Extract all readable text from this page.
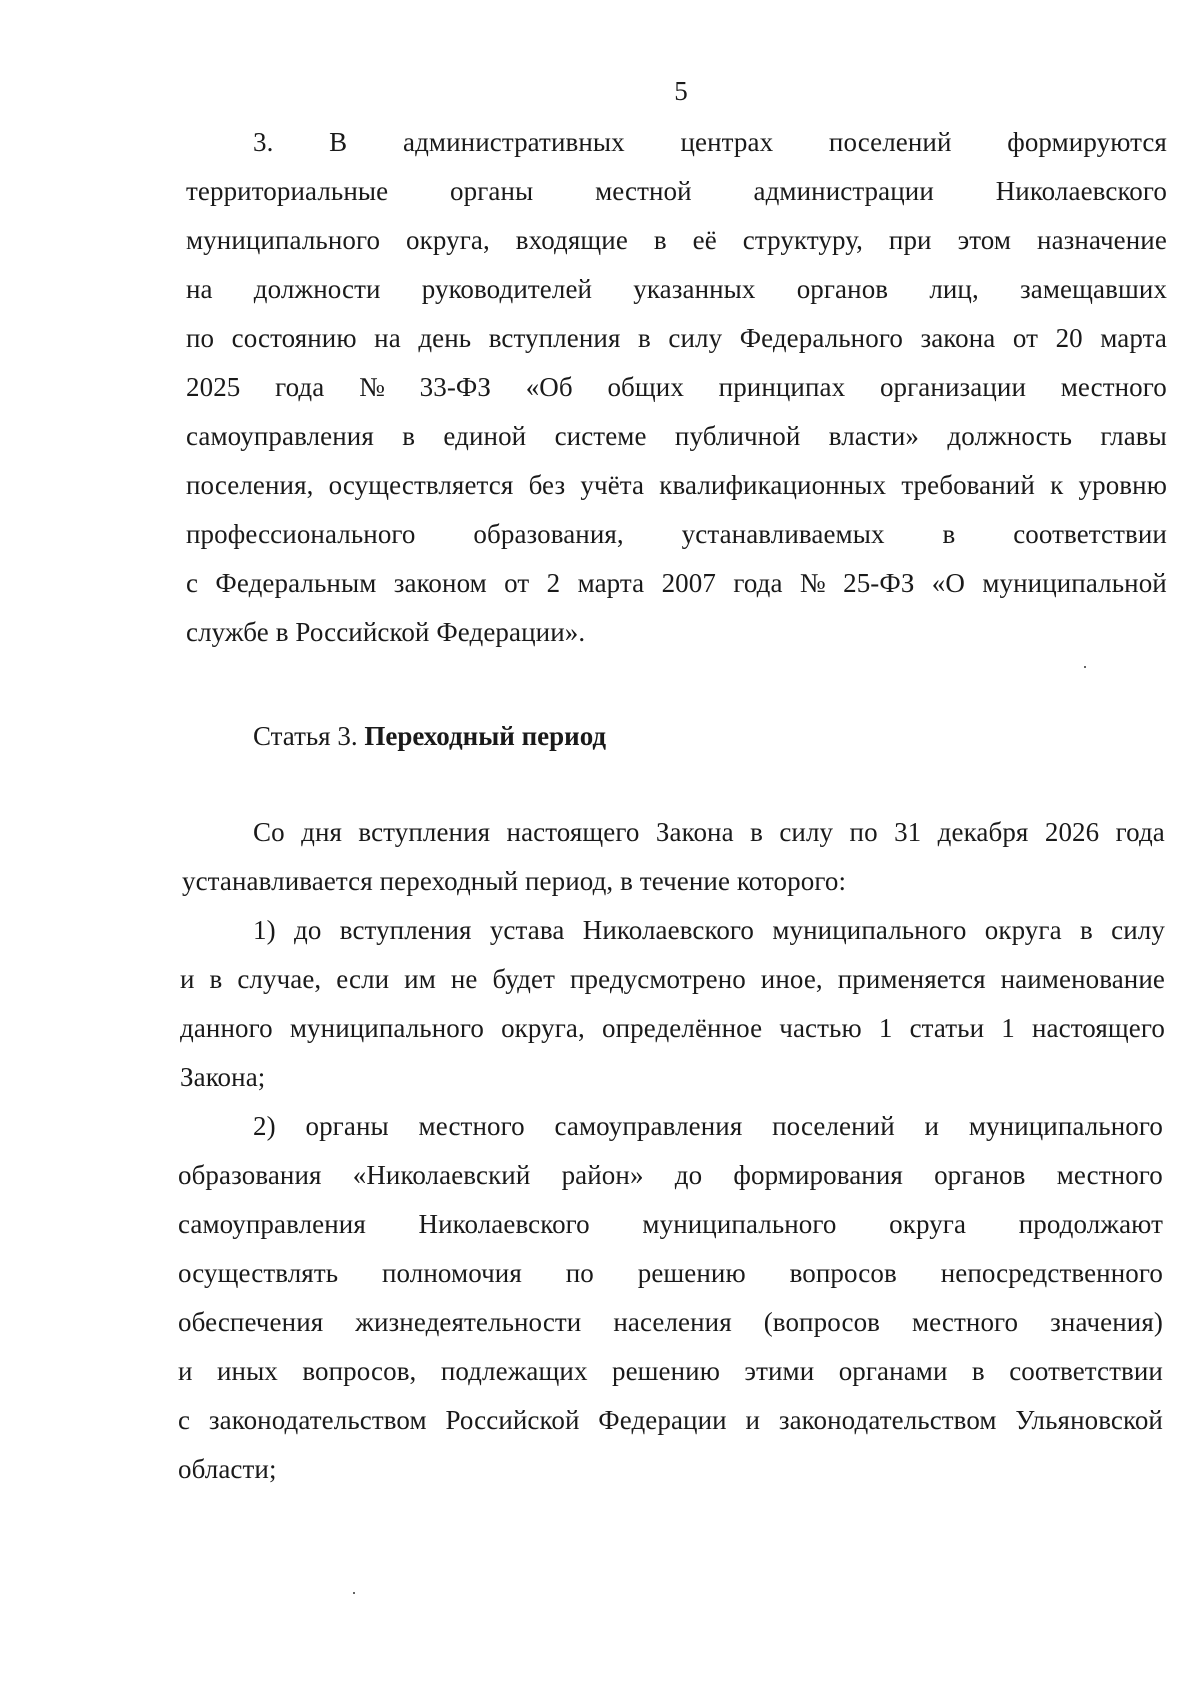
5
3. В административных центрах поселений формируются
территориальные органы местной администрации Николаевского
муниципального округа, входящие в её структуру, при этом назначение
на должности руководителей указанных органов лиц, замещавших
по состоянию на день вступления в силу Федерального закона от 20 марта
2025 года № 33-ФЗ «Об общих принципах организации местного
самоуправления в единой системе публичной власти» должность главы
поселения, осуществляется без учёта квалификационных требований к уровню
профессионального образования, устанавливаемых в соответствии
с Федеральным законом от 2 марта 2007 года № 25-ФЗ «О муниципальной
службе в Российской Федерации».
Статья 3. Переходный период
Со дня вступления настоящего Закона в силу по 31 декабря 2026 года
устанавливается переходный период, в течение которого:
1) до вступления устава Николаевского муниципального округа в силу
и в случае, если им не будет предусмотрено иное, применяется наименование
данного муниципального округа, определённое частью 1 статьи 1 настоящего
Закона;
2) органы местного самоуправления поселений и муниципального
образования «Николаевский район» до формирования органов местного
самоуправления Николаевского муниципального округа продолжают
осуществлять полномочия по решению вопросов непосредственного
обеспечения жизнедеятельности населения (вопросов местного значения)
и иных вопросов, подлежащих решению этими органами в соответствии
с законодательством Российской Федерации и законодательством Ульяновской
области;
